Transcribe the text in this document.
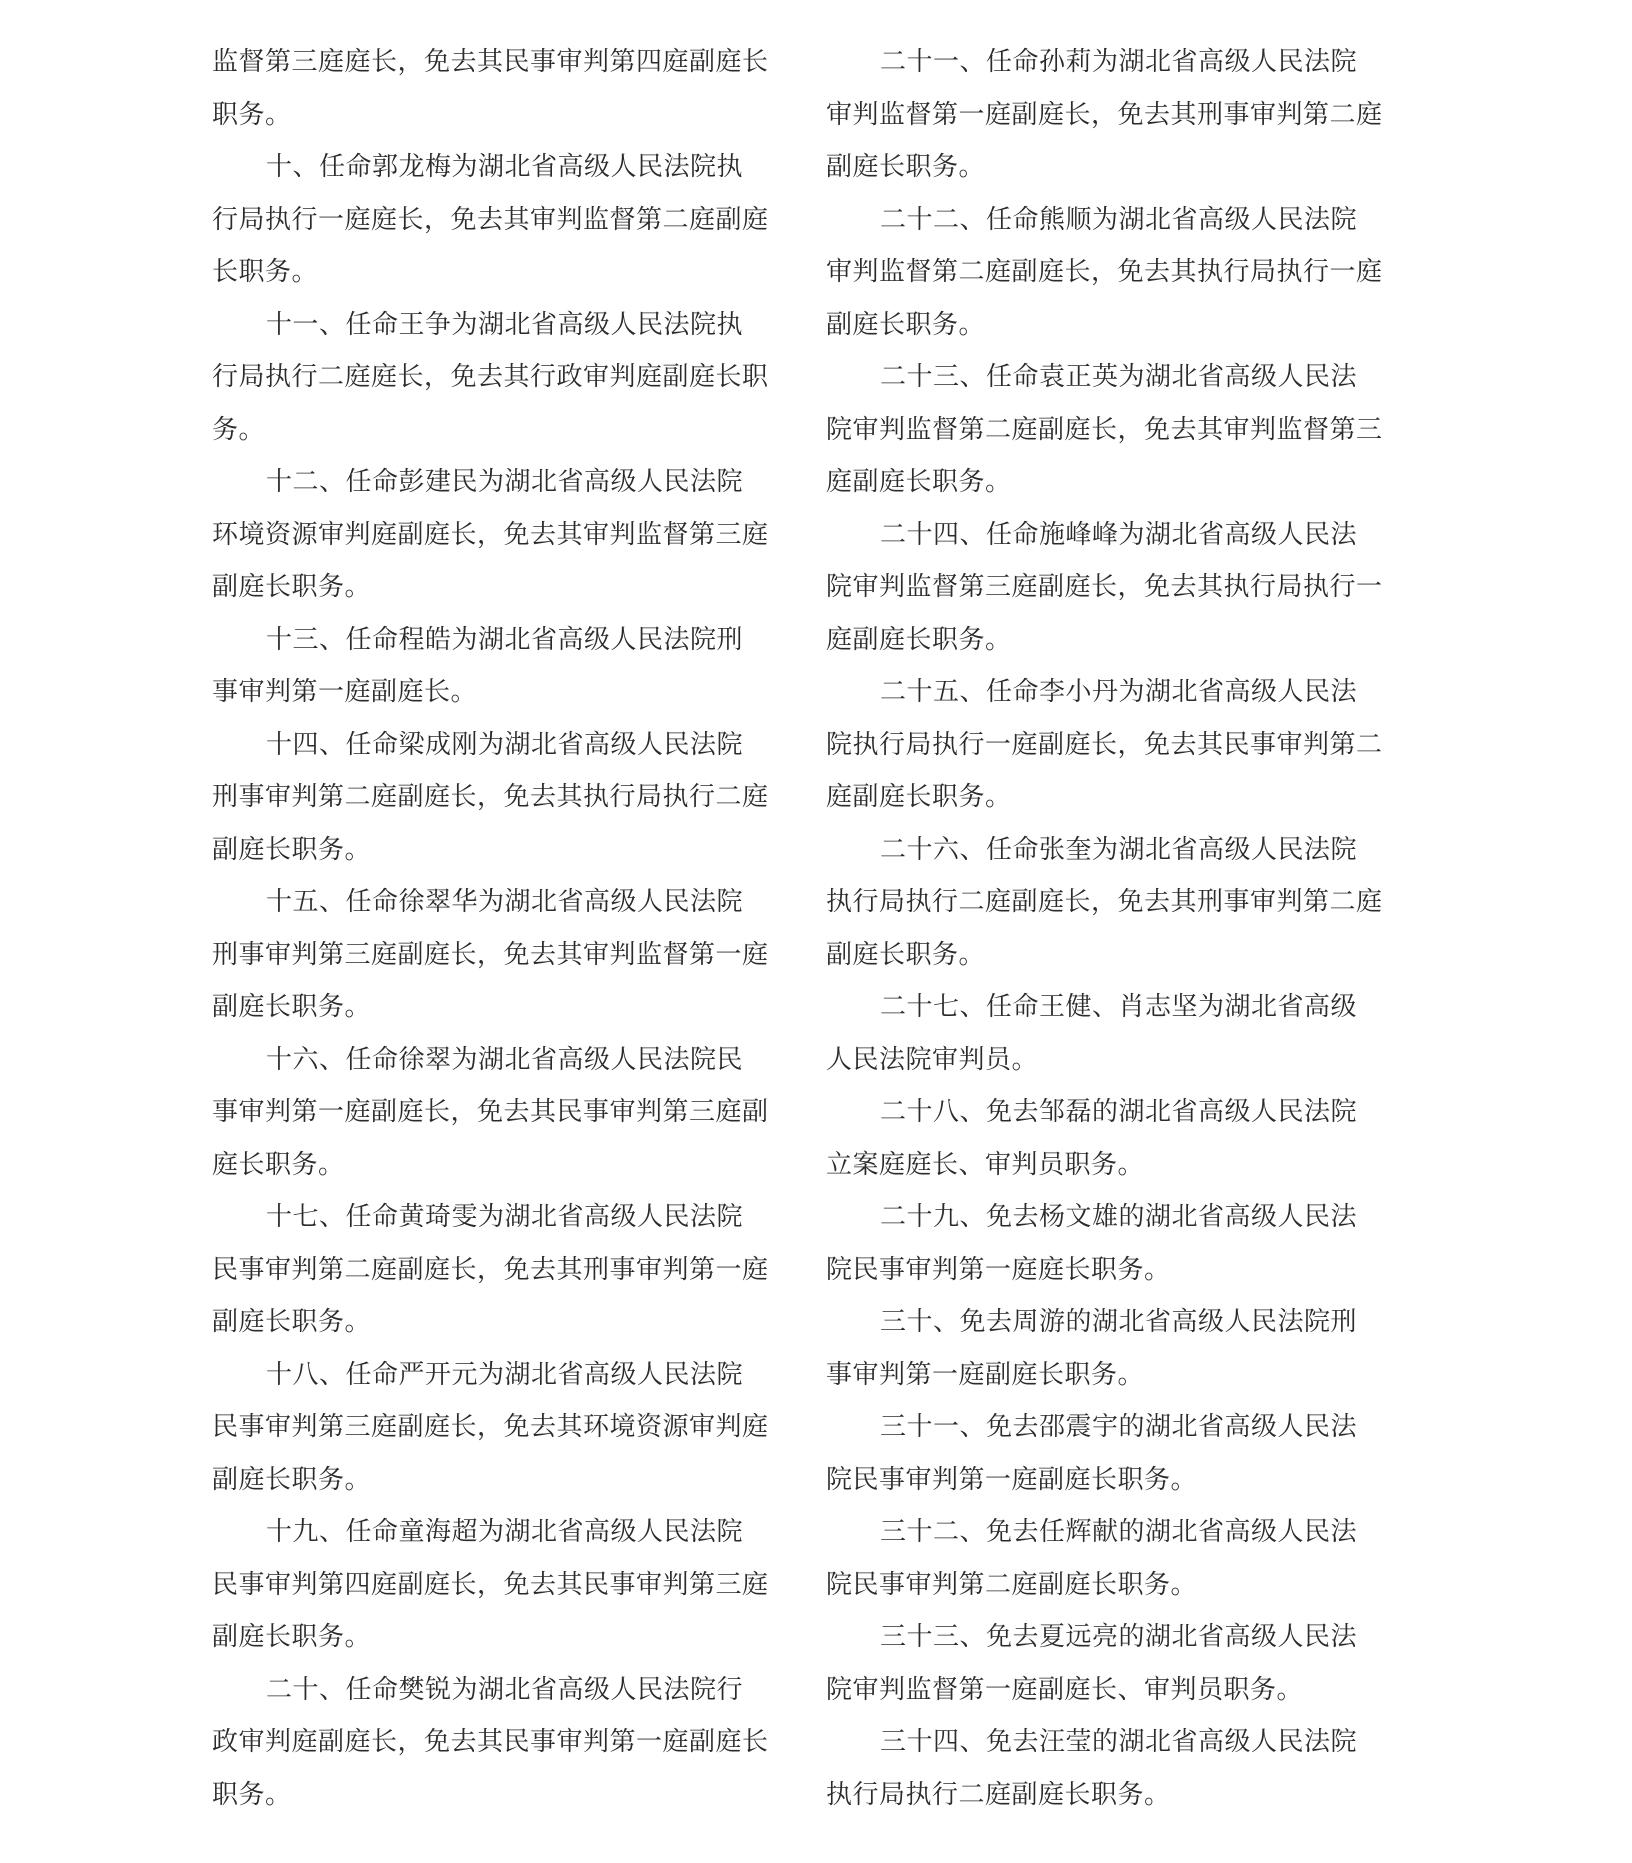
监督第三庭庭长，免去其民事审判第四庭副庭长
职务。
十、任命郭龙梅为湖北省高级人民法院执
行局执行一庭庭长，免去其审判监督第二庭副庭
长职务。
十一、任命王争为湖北省高级人民法院执
行局执行二庭庭长，免去其行政审判庭副庭长职
务。
十二、任命彭建民为湖北省高级人民法院
环境资源审判庭副庭长，免去其审判监督第三庭
副庭长职务。
十三、任命程皓为湖北省高级人民法院刑
事审判第一庭副庭长。
十四、任命梁成刚为湖北省高级人民法院
刑事审判第二庭副庭长，免去其执行局执行二庭
副庭长职务。
十五、任命徐翠华为湖北省高级人民法院
刑事审判第三庭副庭长，免去其审判监督第一庭
副庭长职务。
十六、任命徐翠为湖北省高级人民法院民
事审判第一庭副庭长，免去其民事审判第三庭副
庭长职务。
十七、任命黄琦雯为湖北省高级人民法院
民事审判第二庭副庭长，免去其刑事审判第一庭
副庭长职务。
十八、任命严开元为湖北省高级人民法院
民事审判第三庭副庭长，免去其环境资源审判庭
副庭长职务。
十九、任命童海超为湖北省高级人民法院
民事审判第四庭副庭长，免去其民事审判第三庭
副庭长职务。
二十、任命樊锐为湖北省高级人民法院行
政审判庭副庭长，免去其民事审判第一庭副庭长
职务。
二十一、任命孙莉为湖北省高级人民法院
审判监督第一庭副庭长，免去其刑事审判第二庭
副庭长职务。
二十二、任命熊顺为湖北省高级人民法院
审判监督第二庭副庭长，免去其执行局执行一庭
副庭长职务。
二十三、任命袁正英为湖北省高级人民法
院审判监督第二庭副庭长，免去其审判监督第三
庭副庭长职务。
二十四、任命施峰峰为湖北省高级人民法
院审判监督第三庭副庭长，免去其执行局执行一
庭副庭长职务。
二十五、任命李小丹为湖北省高级人民法
院执行局执行一庭副庭长，免去其民事审判第二
庭副庭长职务。
二十六、任命张奎为湖北省高级人民法院
执行局执行二庭副庭长，免去其刑事审判第二庭
副庭长职务。
二十七、任命王健、肖志坚为湖北省高级
人民法院审判员。
二十八、免去邹磊的湖北省高级人民法院
立案庭庭长、审判员职务。
二十九、免去杨文雄的湖北省高级人民法
院民事审判第一庭庭长职务。
三十、免去周游的湖北省高级人民法院刑
事审判第一庭副庭长职务。
三十一、免去邵震宇的湖北省高级人民法
院民事审判第一庭副庭长职务。
三十二、免去任辉献的湖北省高级人民法
院民事审判第二庭副庭长职务。
三十三、免去夏远亮的湖北省高级人民法
院审判监督第一庭副庭长、审判员职务。
三十四、免去汪莹的湖北省高级人民法院
执行局执行二庭副庭长职务。
